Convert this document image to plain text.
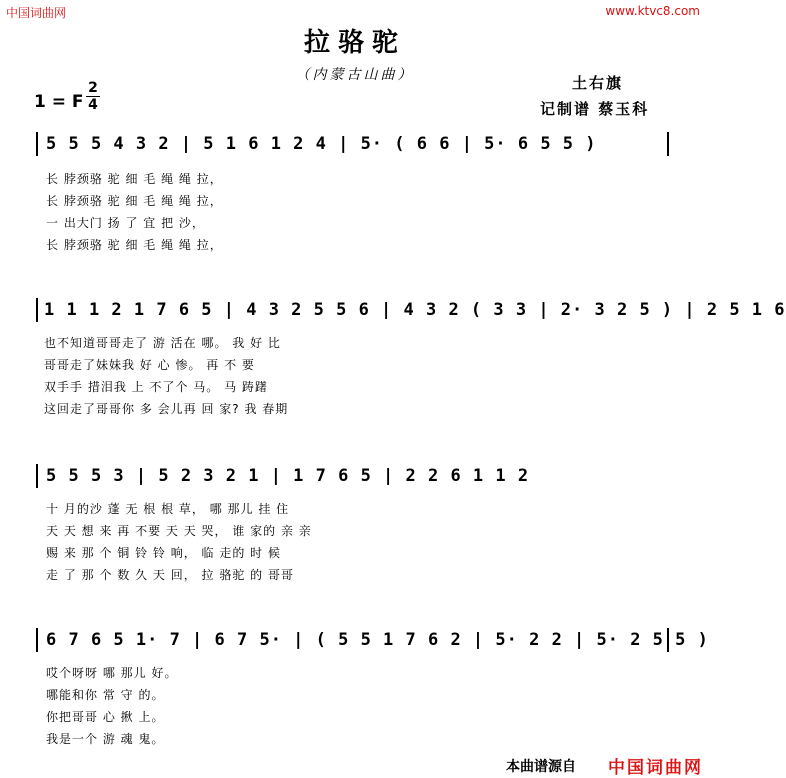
中国词曲网	www.ktvc8.com
拉骆驼
（内蒙古山曲）
1 = F $\frac{2}{4}$	土右旗
记制谱 蔡玉科
5 5 5 4 3 2 | 5 1 6 1 2 4 | 5· ( 6 6 | 5· 6 5 5 )
长 脖颈骆 驼 细 毛 绳 绳 拉，
长 脖颈骆 驼 细 毛 绳 绳 拉，
一 出大门 扬 了 宜 把 沙，
长 脖颈骆 驼 细 毛 绳 绳 拉，
1 1 1 2 1 7 6 5 | 4 3 2 5 5 6 | 4 3 2 ( 3 3 | 2· 3 2 5 ) | 2 5 1 6
也不知道哥哥走了 游 活在 哪。 我 好 比
哥哥走了妹妹我 好 心 惨。 再 不 要
双手手 措泪我 上 不了个 马。 马 踌躇
这回走了哥哥你 多 会儿再 回 家? 我 春期
5 5 5 3 | 5 2 3 2 1 | 1 7 6 5 | 2 2 6 1 1 2
十 月的沙 蓬 无 根 根 草， 哪 那儿 挂 住
天 天 想 来 再 不要 天 天 哭， 谁 家的 亲 亲
赐 来 那 个 铜 铃 铃 响， 临 走的 时 候
走 了 那 个 数 久 天 回， 拉 骆驼 的 哥哥
6 7 6 5 1· 7 | 6 7 5· | ( 5 5 1 7 6 2 | 5· 2 2 | 5· 2 5 5 )
哎个呀呀 哪 那儿 好。
哪能和你 常 守 的。
你把哥哥 心 揪 上。
我是一个 游 魂 鬼。
本曲谱源自 中国词曲网
